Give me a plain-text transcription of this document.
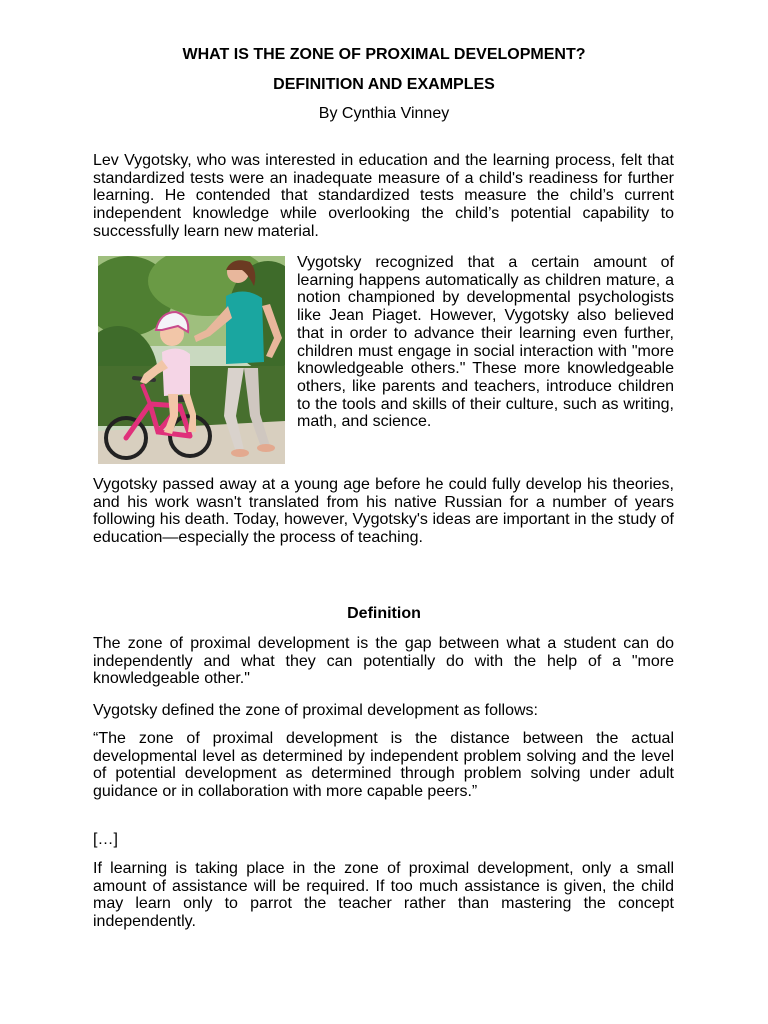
WHAT IS THE ZONE OF PROXIMAL DEVELOPMENT?
DEFINITION AND EXAMPLES
By Cynthia Vinney

Lev Vygotsky, who was interested in education and the learning process, felt that standardized tests were an inadequate measure of a child's readiness for further learning. He contended that standardized tests measure the child’s current independent knowledge while overlooking the child’s potential capability to successfully learn new material.

Vygotsky recognized that a certain amount of learning happens automatically as children mature, a notion championed by developmental psychologists like Jean Piaget. However, Vygotsky also believed that in order to advance their learning even further, children must engage in social interaction with "more knowledgeable others." These more knowledgeable others, like parents and teachers, introduce children to the tools and skills of their culture, such as writing, math, and science.

Vygotsky passed away at a young age before he could fully develop his theories, and his work wasn't translated from his native Russian for a number of years following his death. Today, however, Vygotsky's ideas are important in the study of education—especially the process of teaching.

Definition

The zone of proximal development is the gap between what a student can do independently and what they can potentially do with the help of a "more knowledgeable other."

Vygotsky defined the zone of proximal development as follows:

“The zone of proximal development is the distance between the actual developmental level as determined by independent problem solving and the level of potential development as determined through problem solving under adult guidance or in collaboration with more capable peers.”

[…]

If learning is taking place in the zone of proximal development, only a small amount of assistance will be required. If too much assistance is given, the child may learn only to parrot the teacher rather than mastering the concept independently.
